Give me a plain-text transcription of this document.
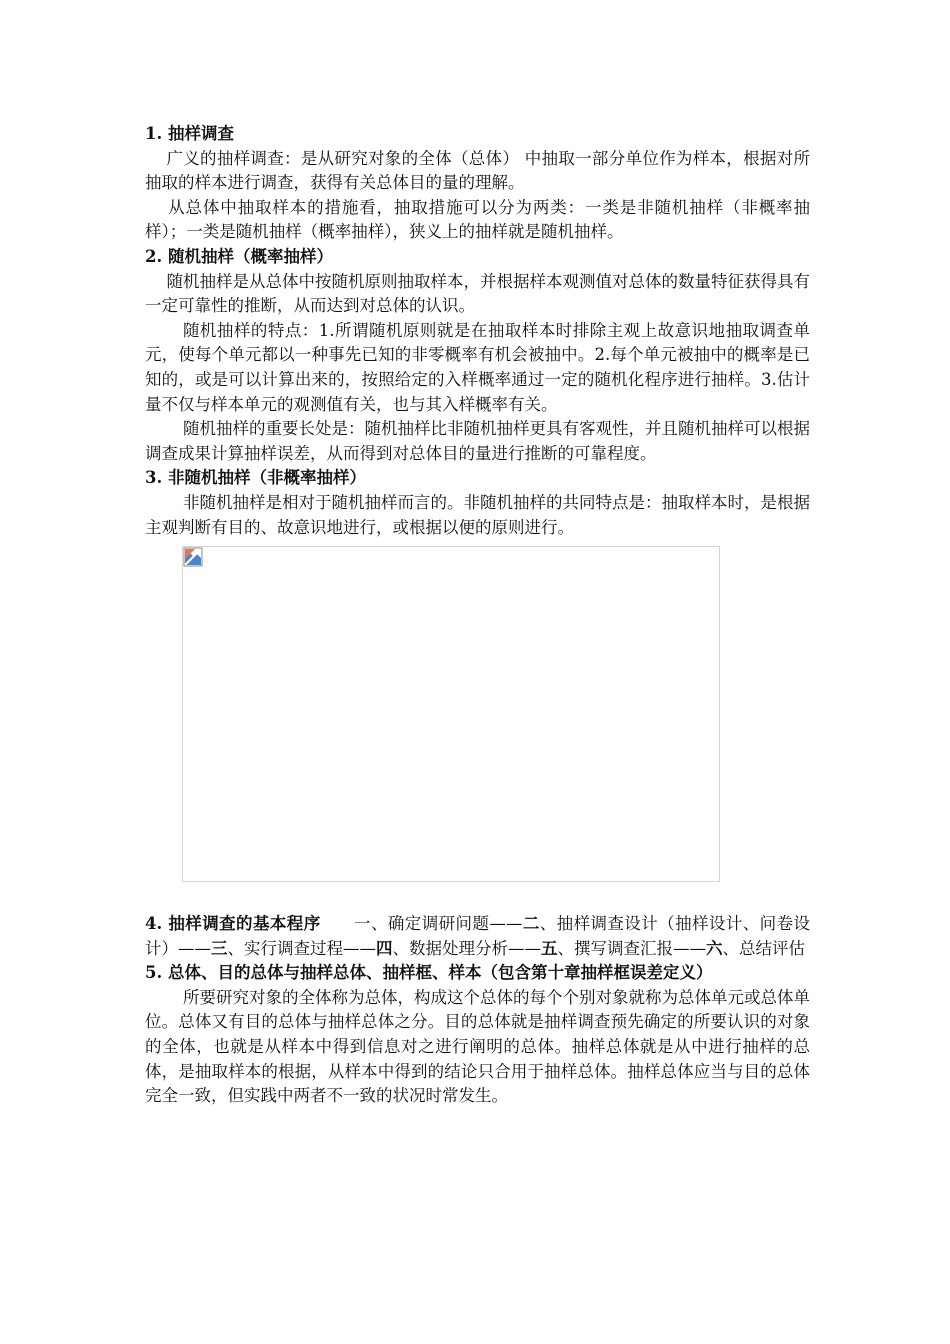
1. 抽样调查

广义的抽样调查：是从研究对象的全体（总体） 中抽取一部分单位作为样本，根据对所抽取的样本进行调查，获得有关总体目的量的理解。

从总体中抽取样本的措施看，抽取措施可以分为两类：一类是非随机抽样（非概率抽样）；一类是随机抽样（概率抽样），狭义上的抽样就是随机抽样。

2. 随机抽样（概率抽样）

随机抽样是从总体中按随机原则抽取样本，并根据样本观测值对总体的数量特征获得具有一定可靠性的推断，从而达到对总体的认识。

随机抽样的特点：1.所谓随机原则就是在抽取样本时排除主观上故意识地抽取调查单元，使每个单元都以一种事先已知的非零概率有机会被抽中。2.每个单元被抽中的概率是已知的，或是可以计算出来的，按照给定的入样概率通过一定的随机化程序进行抽样。3.估计量不仅与样本单元的观测值有关，也与其入样概率有关。

随机抽样的重要长处是：随机抽样比非随机抽样更具有客观性，并且随机抽样可以根据调查成果计算抽样误差，从而得到对总体目的量进行推断的可靠程度。

3. 非随机抽样（非概率抽样）

非随机抽样是相对于随机抽样而言的。非随机抽样的共同特点是：抽取样本时，是根据主观判断有目的、故意识地进行，或根据以便的原则进行。

4. 抽样调查的基本程序 一、确定调研问题——二、抽样调查设计（抽样设计、问卷设计）——三、实行调查过程——四、数据处理分析——五、撰写调查汇报——六、总结评估

5. 总体、目的总体与抽样总体、抽样框、样本（包含第十章抽样框误差定义）

所要研究对象的全体称为总体，构成这个总体的每个个别对象就称为总体单元或总体单位。总体又有目的总体与抽样总体之分。目的总体就是抽样调查预先确定的所要认识的对象的全体，也就是从样本中得到信息对之进行阐明的总体。抽样总体就是从中进行抽样的总体，是抽取样本的根据，从样本中得到的结论只合用于抽样总体。抽样总体应当与目的总体完全一致，但实践中两者不一致的状况时常发生。
